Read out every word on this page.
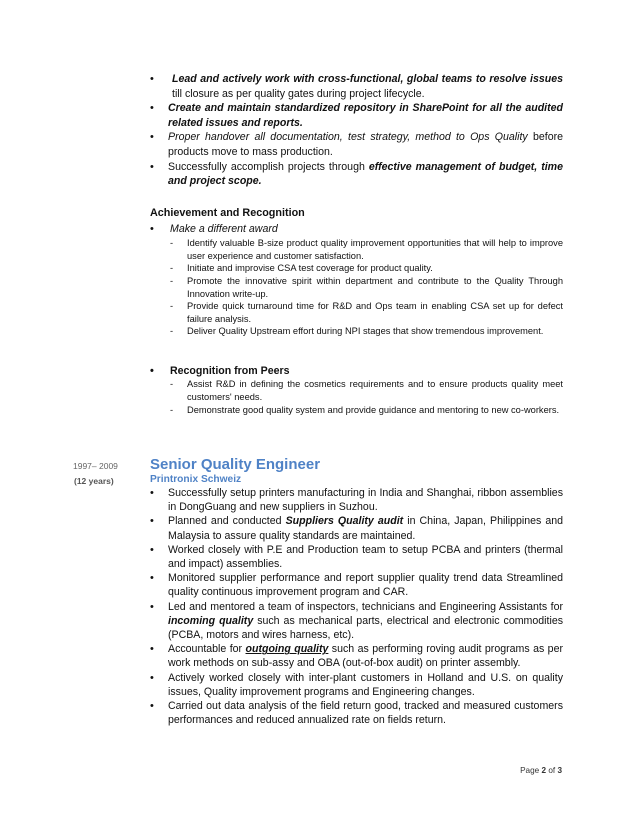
• Lead and actively work with cross-functional, global teams to resolve issues till closure as per quality gates during project lifecycle.
• Create and maintain standardized repository in SharePoint for all the audited related issues and reports.
• Proper handover all documentation, test strategy, method to Ops Quality before products move to mass production.
• Successfully accomplish projects through effective management of budget, time and project scope.
Achievement and Recognition
• Make a different award
- Identify valuable B-size product quality improvement opportunities that will help to improve user experience and customer satisfaction.
- Initiate and improvise CSA test coverage for product quality.
- Promote the innovative spirit within department and contribute to the Quality Through Innovation write-up.
- Provide quick turnaround time for R&D and Ops team in enabling CSA set up for defect failure analysis.
- Deliver Quality Upstream effort during NPI stages that show tremendous improvement.
• Recognition from Peers
- Assist R&D in defining the cosmetics requirements and to ensure products quality meet customers' needs.
- Demonstrate good quality system and provide guidance and mentoring to new co-workers.
1997– 2009
(12 years)
Senior Quality Engineer
Printronix Schweiz
• Successfully setup printers manufacturing in India and Shanghai, ribbon assemblies in DongGuang and new suppliers in Suzhou.
• Planned and conducted Suppliers Quality audit in China, Japan, Philippines and Malaysia to assure quality standards are maintained.
• Worked closely with P.E and Production team to setup PCBA and printers (thermal and impact) assemblies.
• Monitored supplier performance and report supplier quality trend data Streamlined quality continuous improvement program and CAR.
• Led and mentored a team of inspectors, technicians and Engineering Assistants for incoming quality such as mechanical parts, electrical and electronic commodities (PCBA, motors and wires harness, etc).
• Accountable for outgoing quality such as performing roving audit programs as per work methods on sub-assy and OBA (out-of-box audit) on printer assembly.
• Actively worked closely with inter-plant customers in Holland and U.S. on quality issues, Quality improvement programs and Engineering changes.
• Carried out data analysis of the field return good, tracked and measured customers performances and reduced annualized rate on fields return.
Page 2 of 3
